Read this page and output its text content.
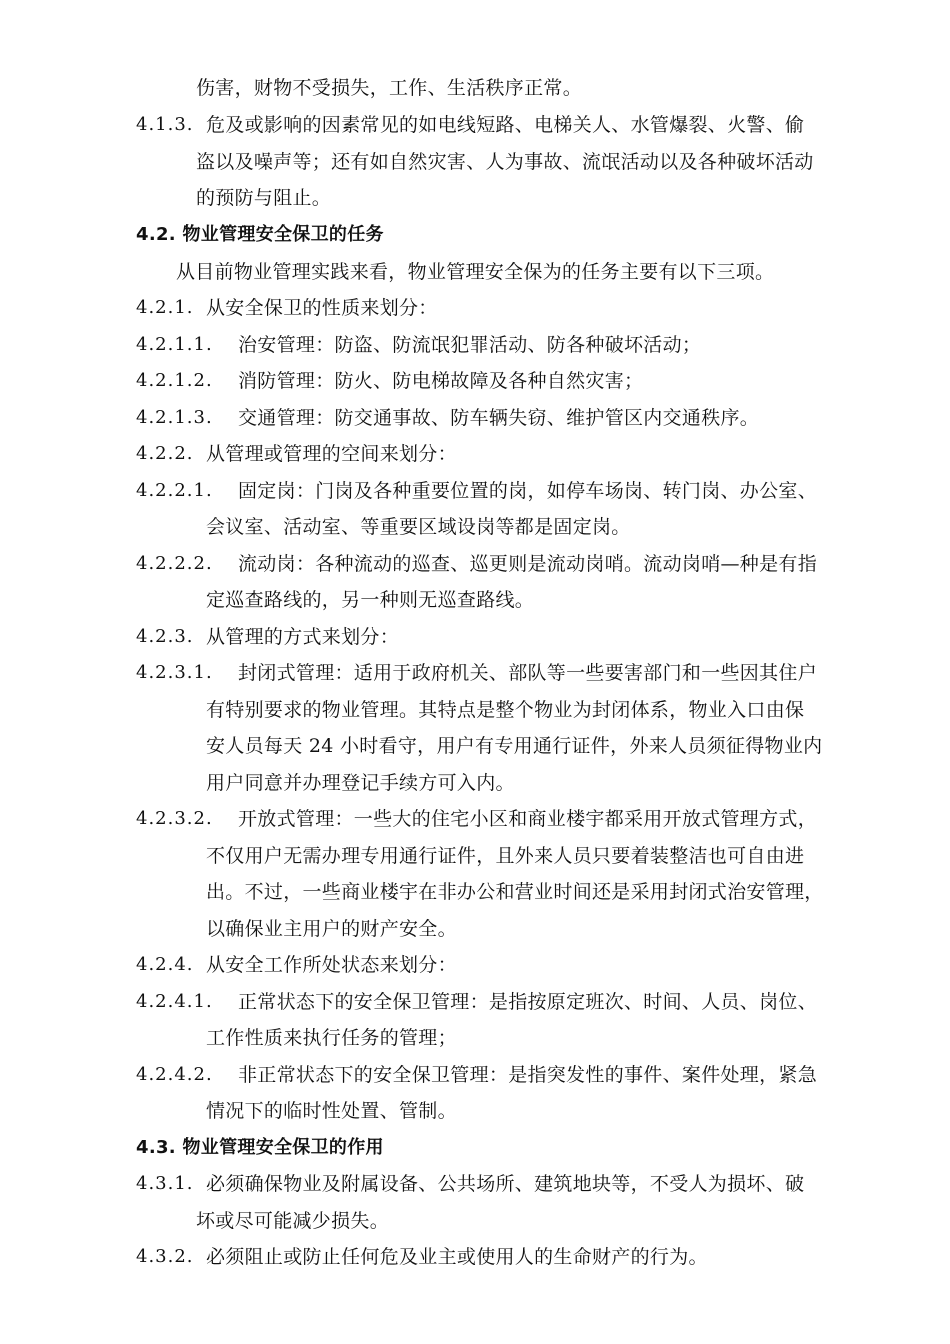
伤害，财物不受损失，工作、生活秩序正常。
4.1.3. 危及或影响的因素常见的如电线短路、电梯关人、水管爆裂、火警、偷
盗以及噪声等；还有如自然灾害、人为事故、流氓活动以及各种破坏活动
的预防与阻止。
4.2. 物业管理安全保卫的任务
从目前物业管理实践来看，物业管理安全保为的任务主要有以下三项。
4.2.1. 从安全保卫的性质来划分：
4.2.1.1. 治安管理：防盗、防流氓犯罪活动、防各种破坏活动；
4.2.1.2. 消防管理：防火、防电梯故障及各种自然灾害；
4.2.1.3. 交通管理：防交通事故、防车辆失窃、维护管区内交通秩序。
4.2.2. 从管理或管理的空间来划分：
4.2.2.1. 固定岗：门岗及各种重要位置的岗，如停车场岗、转门岗、办公室、
会议室、活动室、等重要区域设岗等都是固定岗。
4.2.2.2. 流动岗：各种流动的巡查、巡更则是流动岗哨。流动岗哨—种是有指
定巡查路线的，另一种则无巡查路线。
4.2.3. 从管理的方式来划分：
4.2.3.1. 封闭式管理：适用于政府机关、部队等一些要害部门和一些因其住户
有特别要求的物业管理。其特点是整个物业为封闭体系，物业入口由保
安人员每天 24 小时看守，用户有专用通行证件，外来人员须征得物业内
用户同意并办理登记手续方可入内。
4.2.3.2. 开放式管理：一些大的住宅小区和商业楼宇都采用开放式管理方式，
不仅用户无需办理专用通行证件，且外来人员只要着装整洁也可自由进
出。不过，一些商业楼宇在非办公和营业时间还是采用封闭式治安管理，
以确保业主用户的财产安全。
4.2.4. 从安全工作所处状态来划分：
4.2.4.1. 正常状态下的安全保卫管理：是指按原定班次、时间、人员、岗位、
工作性质来执行任务的管理；
4.2.4.2. 非正常状态下的安全保卫管理：是指突发性的事件、案件处理，紧急
情况下的临时性处置、管制。
4.3. 物业管理安全保卫的作用
4.3.1. 必须确保物业及附属设备、公共场所、建筑地块等，不受人为损坏、破
坏或尽可能减少损失。
4.3.2. 必须阻止或防止任何危及业主或使用人的生命财产的行为。
